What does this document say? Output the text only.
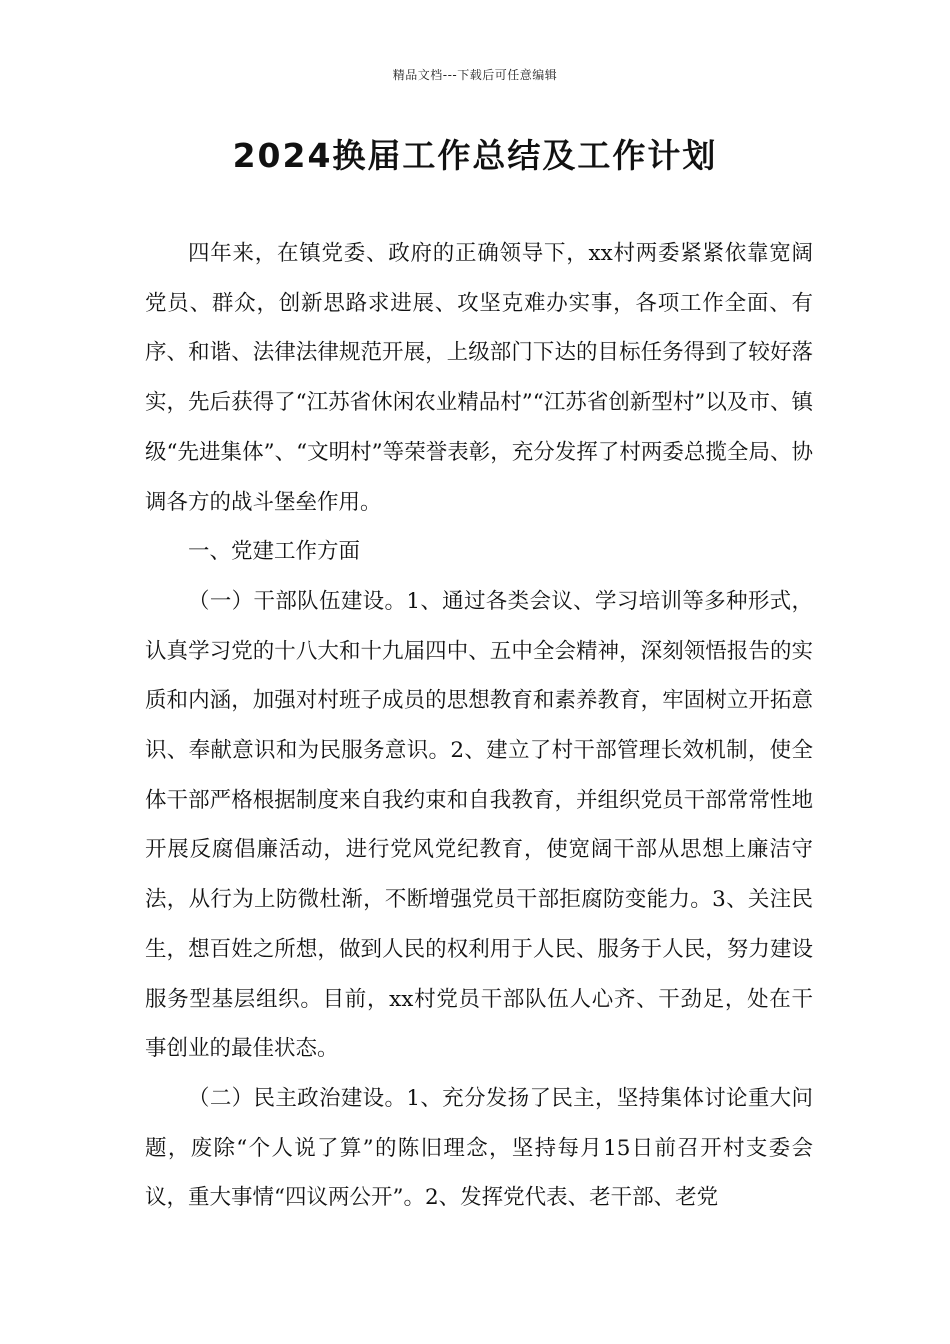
精品文档---下载后可任意编辑
2024换届工作总结及工作计划

四年来，在镇党委、政府的正确领导下，xx村两委紧紧依靠宽阔党员、群众，创新思路求进展、攻坚克难办实事，各项工作全面、有序、和谐、法律法律规范开展，上级部门下达的目标任务得到了较好落实，先后获得了“江苏省休闲农业精品村”“江苏省创新型村”以及市、镇级“先进集体”、“文明村”等荣誉表彰，充分发挥了村两委总揽全局、协调各方的战斗堡垒作用。

一、党建工作方面

（一）干部队伍建设。1、通过各类会议、学习培训等多种形式，认真学习党的十八大和十九届四中、五中全会精神，深刻领悟报告的实质和内涵，加强对村班子成员的思想教育和素养教育，牢固树立开拓意识、奉献意识和为民服务意识。2、建立了村干部管理长效机制，使全体干部严格根据制度来自我约束和自我教育，并组织党员干部常常性地开展反腐倡廉活动，进行党风党纪教育，使宽阔干部从思想上廉洁守法，从行为上防微杜渐，不断增强党员干部拒腐防变能力。3、关注民生，想百姓之所想，做到人民的权利用于人民、服务于人民，努力建设服务型基层组织。目前，xx村党员干部队伍人心齐、干劲足，处在干事创业的最佳状态。

（二）民主政治建设。1、充分发扬了民主，坚持集体讨论重大问题，废除“个人说了算”的陈旧理念，坚持每月15日前召开村支委会议，重大事情“四议两公开”。2、发挥党代表、老干部、老党
